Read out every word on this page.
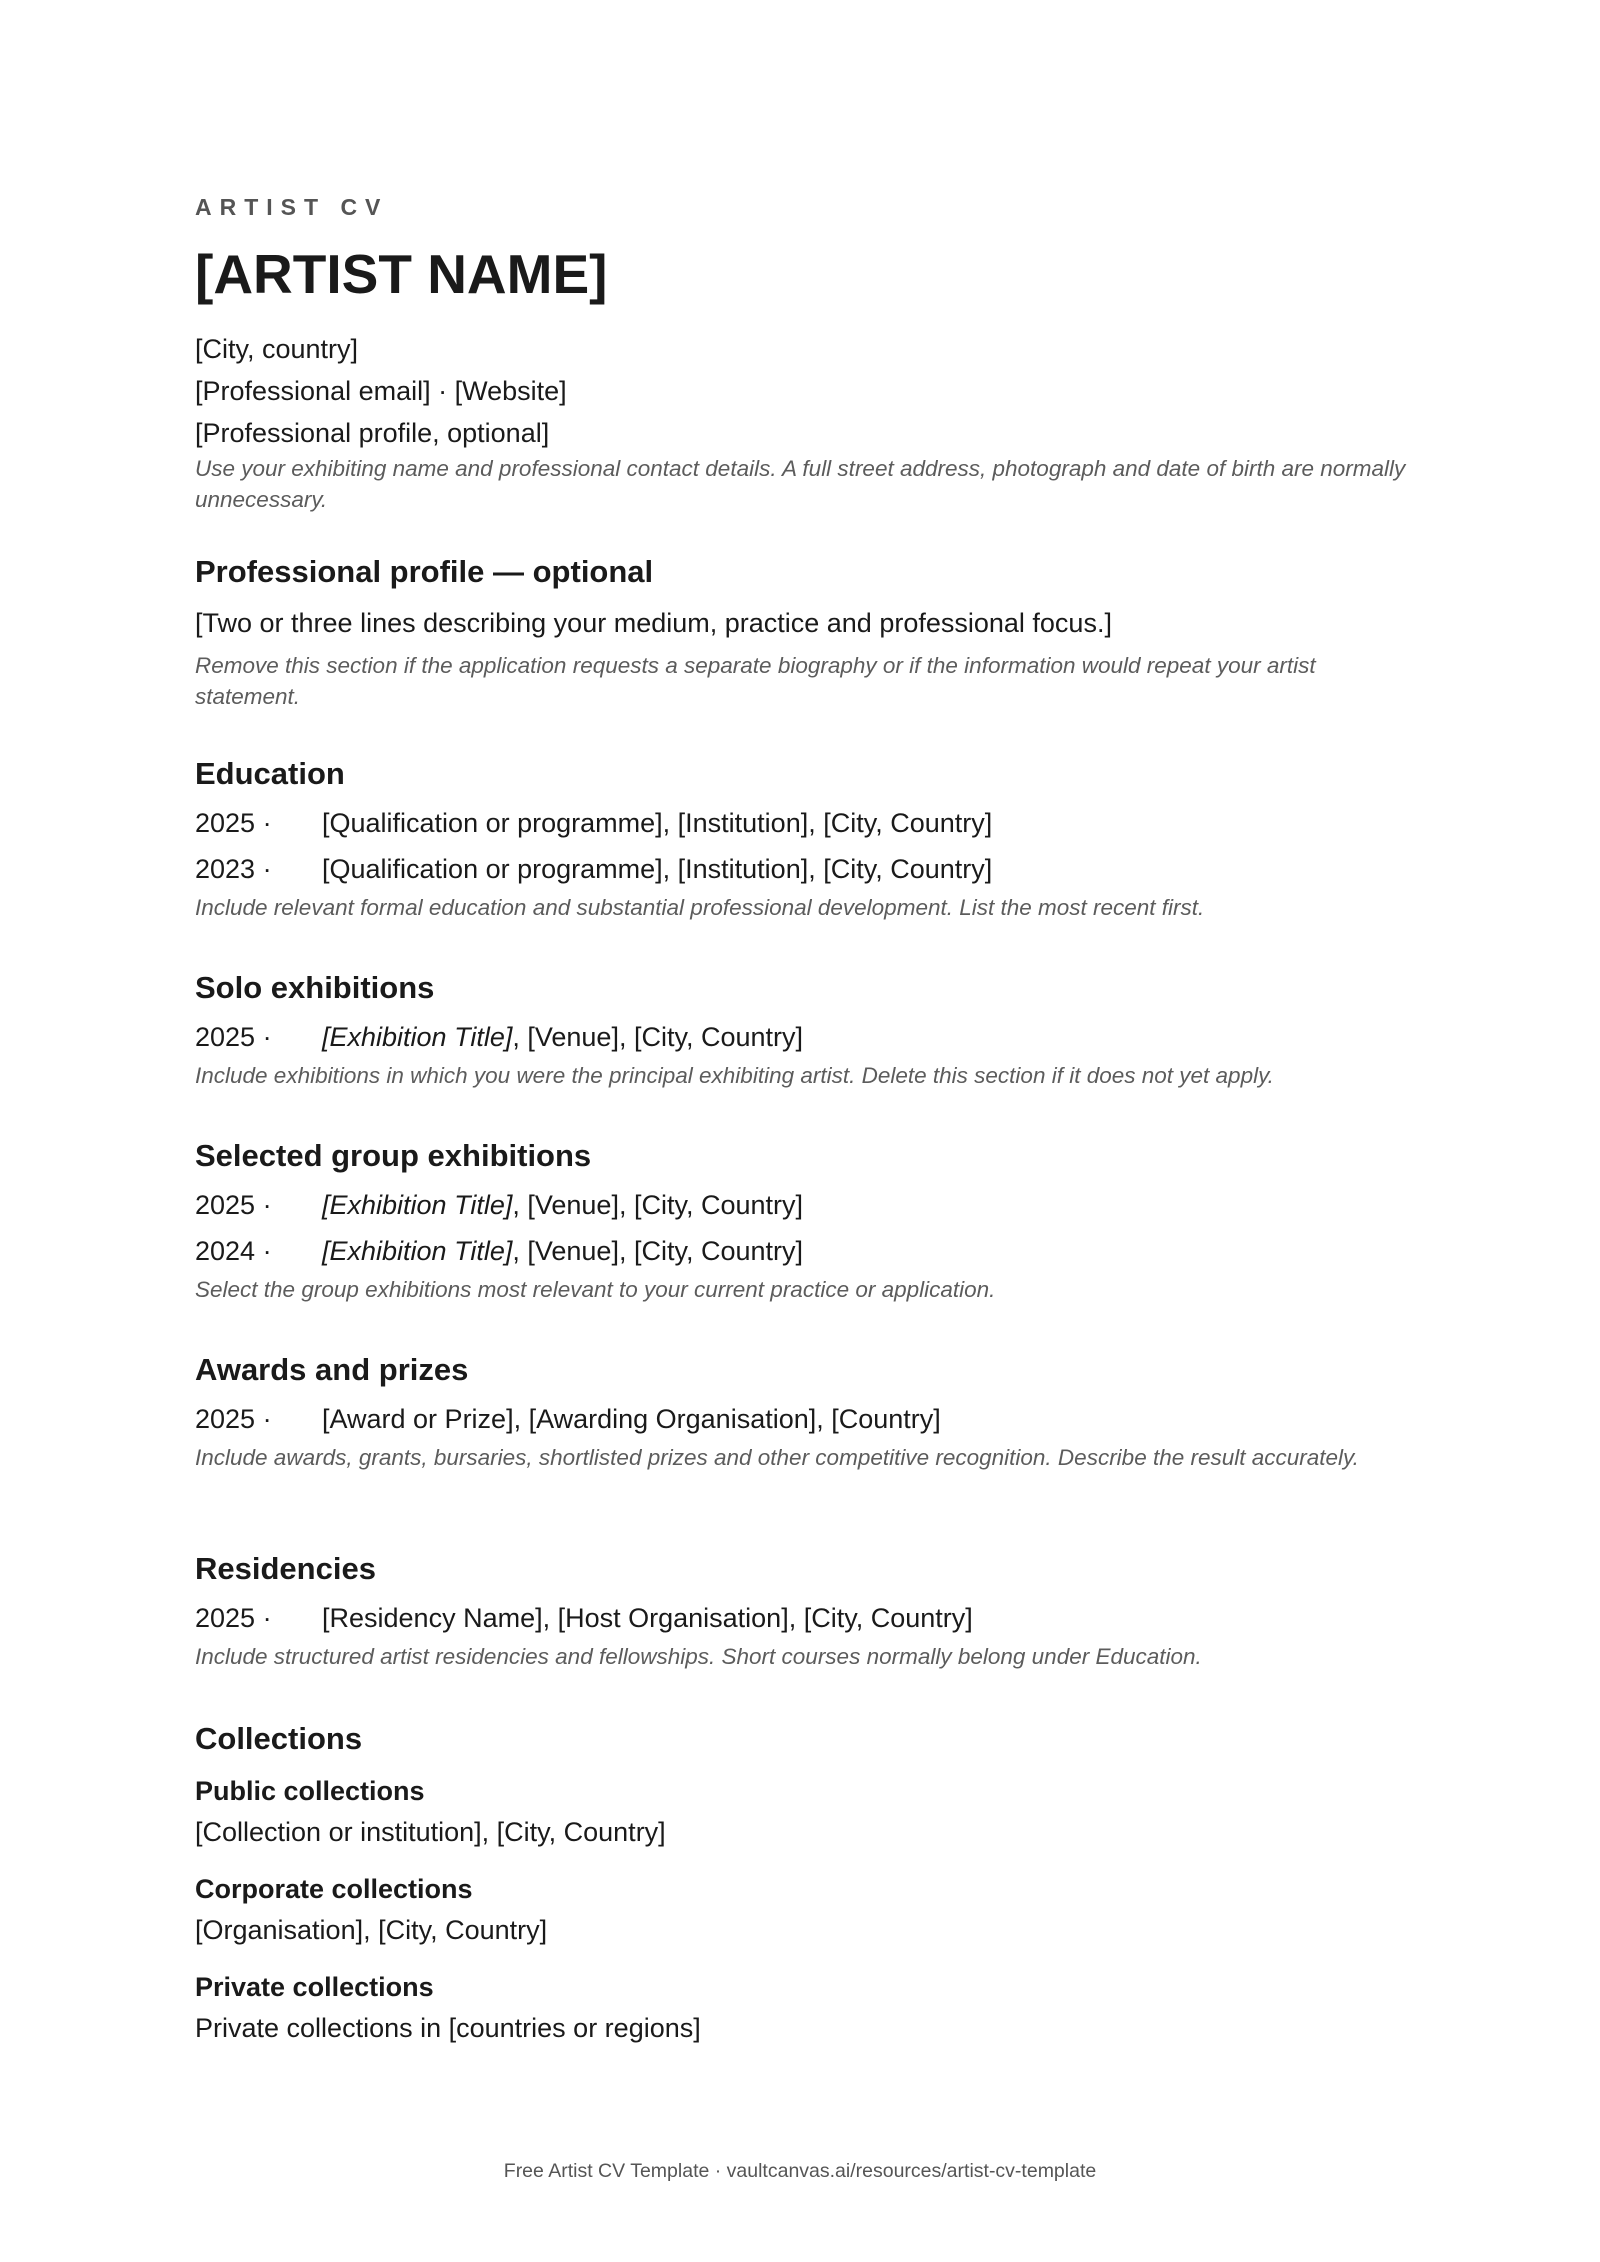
ARTIST CV
[ARTIST NAME]
[City, country]
[Professional email] · [Website]
[Professional profile, optional]
Use your exhibiting name and professional contact details. A full street address, photograph and date of birth are normally unnecessary.
Professional profile — optional
[Two or three lines describing your medium, practice and professional focus.]
Remove this section if the application requests a separate biography or if the information would repeat your artist statement.
Education
2025 ·	[Qualification or programme], [Institution], [City, Country]
2023 ·	[Qualification or programme], [Institution], [City, Country]
Include relevant formal education and substantial professional development. List the most recent first.
Solo exhibitions
2025 ·	[Exhibition Title], [Venue], [City, Country]
Include exhibitions in which you were the principal exhibiting artist. Delete this section if it does not yet apply.
Selected group exhibitions
2025 ·	[Exhibition Title], [Venue], [City, Country]
2024 ·	[Exhibition Title], [Venue], [City, Country]
Select the group exhibitions most relevant to your current practice or application.
Awards and prizes
2025 ·	[Award or Prize], [Awarding Organisation], [Country]
Include awards, grants, bursaries, shortlisted prizes and other competitive recognition. Describe the result accurately.
Residencies
2025 ·	[Residency Name], [Host Organisation], [City, Country]
Include structured artist residencies and fellowships. Short courses normally belong under Education.
Collections
Public collections
[Collection or institution], [City, Country]
Corporate collections
[Organisation], [City, Country]
Private collections
Private collections in [countries or regions]
Free Artist CV Template · vaultcanvas.ai/resources/artist-cv-template
